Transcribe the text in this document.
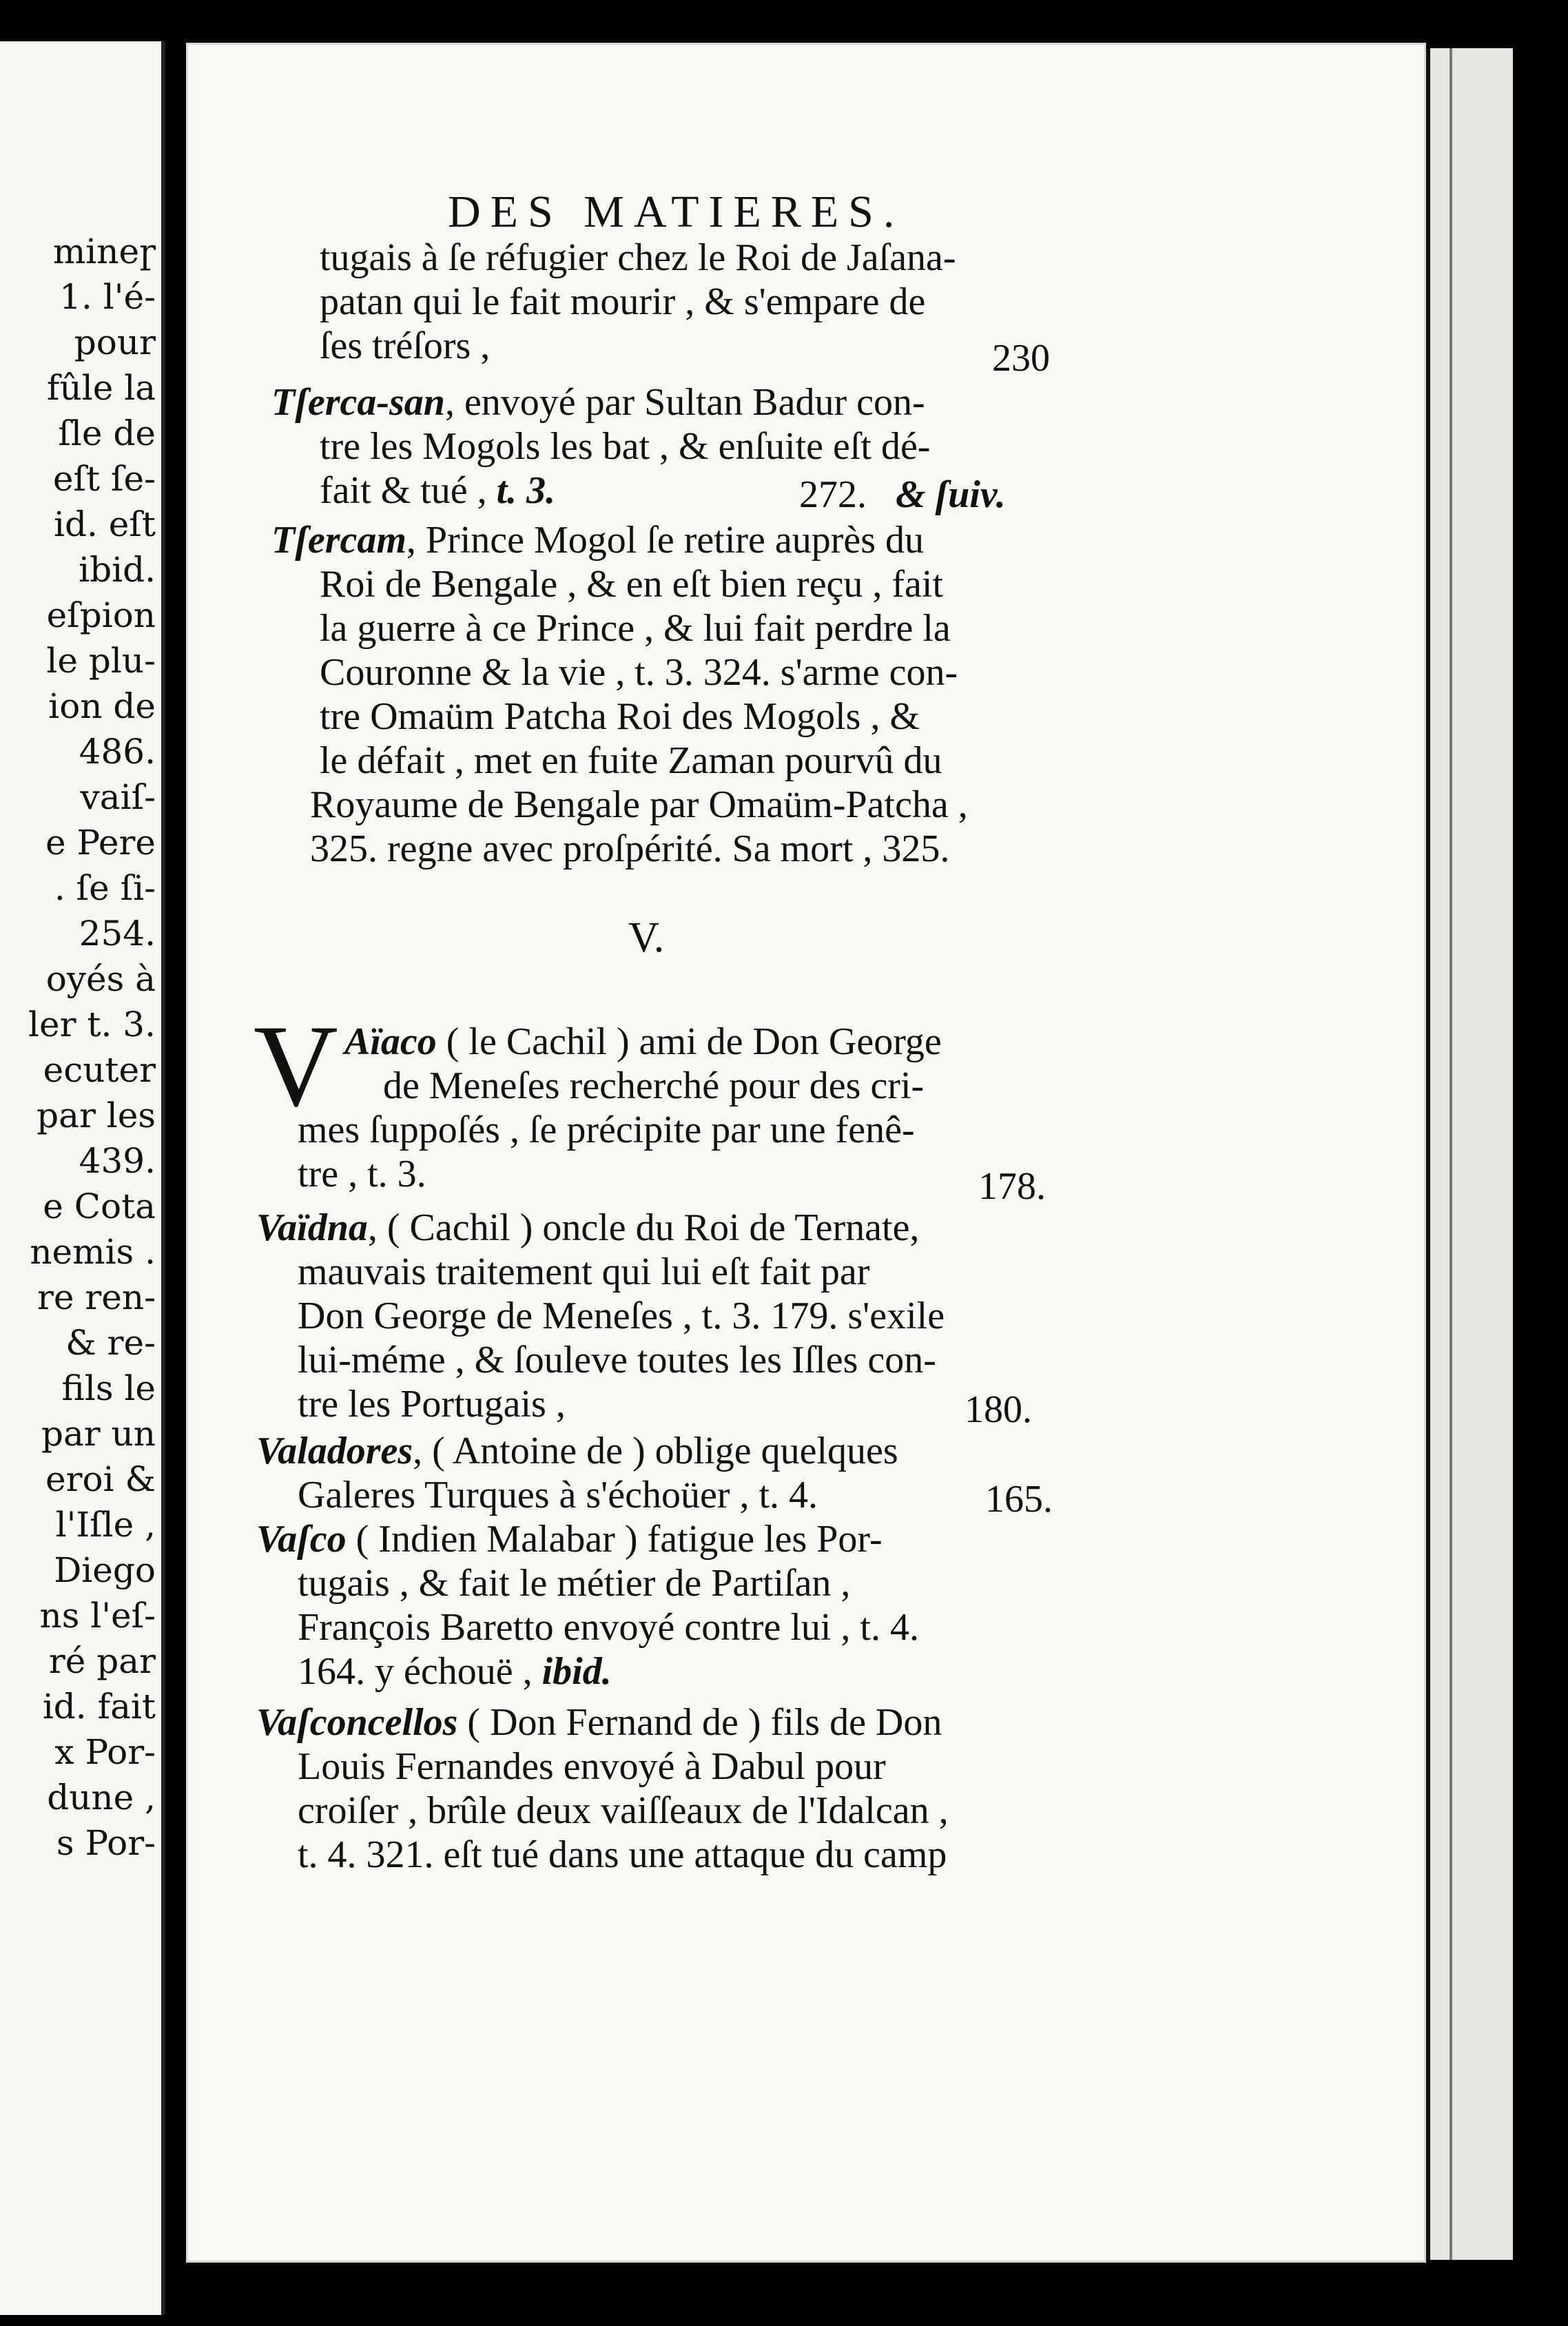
mineɼ
1. l'é-
pour
fûle la
ſle de
eſt ſe-
id. eſt
ibid.
eſpion
le plu-
ion de
486.
vaiſ-
e Pere
. ſe ſi-
254.
oyés à
ler t. 3.
ecuter
par les
439.
e Cota
nemis .
re ren-
& re-
fils le
par un
eroi &
l'Iſle ,
Diego
ns l'eſ-
ré par
id. fait
x Por-
dune ,
s Por-
DES MATIERES.
tugais à ſe réfugier chez le Roi de Jaſana-
patan qui le fait mourir , & s'empare de
ſes tréſors ,	230
Tſerca-san, envoyé par Sultan Badur con-
tre les Mogols les bat , & enſuite eſt dé-
fait & tué , t. 3.	272. & ſuiv.
Tſercam, Prince Mogol ſe retire auprès du
Roi de Bengale , & en eſt bien reçu , fait
la guerre à ce Prince , & lui fait perdre la
Couronne & la vie , t. 3. 324. s'arme con-
tre Omaüm Patcha Roi des Mogols , &
le défait , met en fuite Zaman pourvû du
Royaume de Bengale par Omaüm-Patcha ,
325. regne avec proſpérité. Sa mort , 325.
V.
V Aïaco ( le Cachil ) ami de Don George
de Meneſes recherché pour des cri-
mes ſuppoſés , ſe précipite par une fenê-
tre , t. 3.	178.
Vaïdna, ( Cachil ) oncle du Roi de Ternate,
mauvais traitement qui lui eſt fait par
Don George de Meneſes , t. 3. 179. s'exile
lui-méme , & ſouleve toutes les Iſles con-
tre les Portugais ,	180.
Valadores, ( Antoine de ) oblige quelques
Galeres Turques à s'échoüer , t. 4.	165.
Vaſco ( Indien Malabar ) fatigue les Por-
tugais , & fait le métier de Partiſan ,
François Baretto envoyé contre lui , t. 4.
164. y échouë , ibid.
Vaſconcellos ( Don Fernand de ) fils de Don
Louis Fernandes envoyé à Dabul pour
croiſer , brûle deux vaiſſeaux de l'Idalcan ,
t. 4. 321. eſt tué dans une attaque du camp
